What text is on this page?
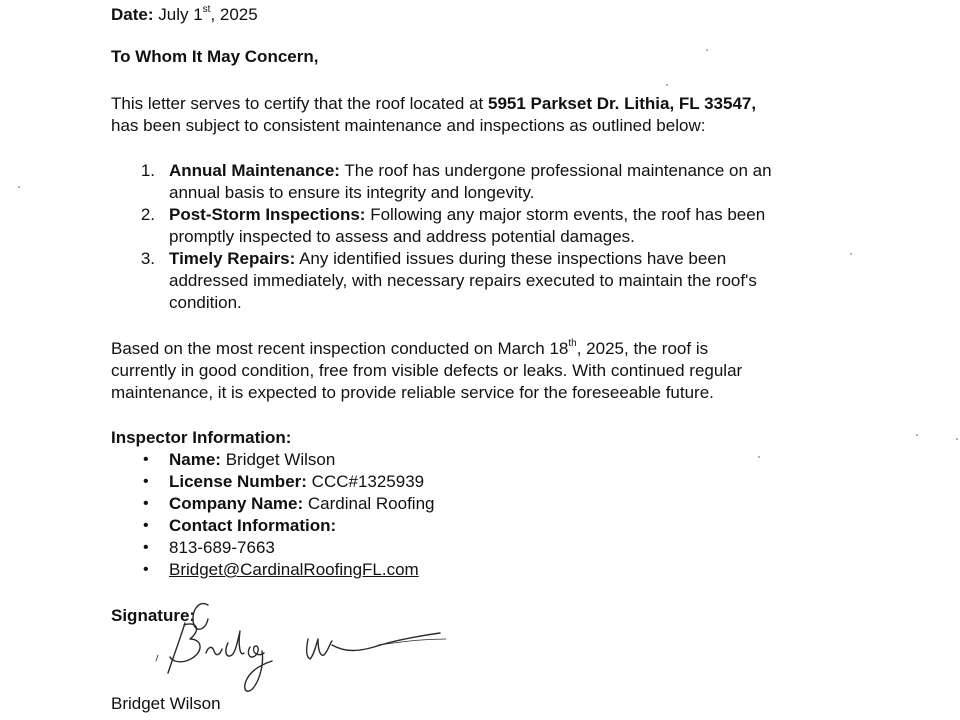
Date: July 1st, 2025
To Whom It May Concern,
This letter serves to certify that the roof located at 5951 Parkset Dr. Lithia, FL 33547,
has been subject to consistent maintenance and inspections as outlined below:
1. Annual Maintenance: The roof has undergone professional maintenance on an
annual basis to ensure its integrity and longevity.
2. Post-Storm Inspections: Following any major storm events, the roof has been
promptly inspected to assess and address potential damages.
3. Timely Repairs: Any identified issues during these inspections have been
addressed immediately, with necessary repairs executed to maintain the roof's
condition.
Based on the most recent inspection conducted on March 18th, 2025, the roof is
currently in good condition, free from visible defects or leaks. With continued regular
maintenance, it is expected to provide reliable service for the foreseeable future.
Inspector Information:
• Name: Bridget Wilson
• License Number: CCC#1325939
• Company Name: Cardinal Roofing
• Contact Information:
• 813-689-7663
• Bridget@CardinalRoofingFL.com
Signature:
Bridget Wilson
